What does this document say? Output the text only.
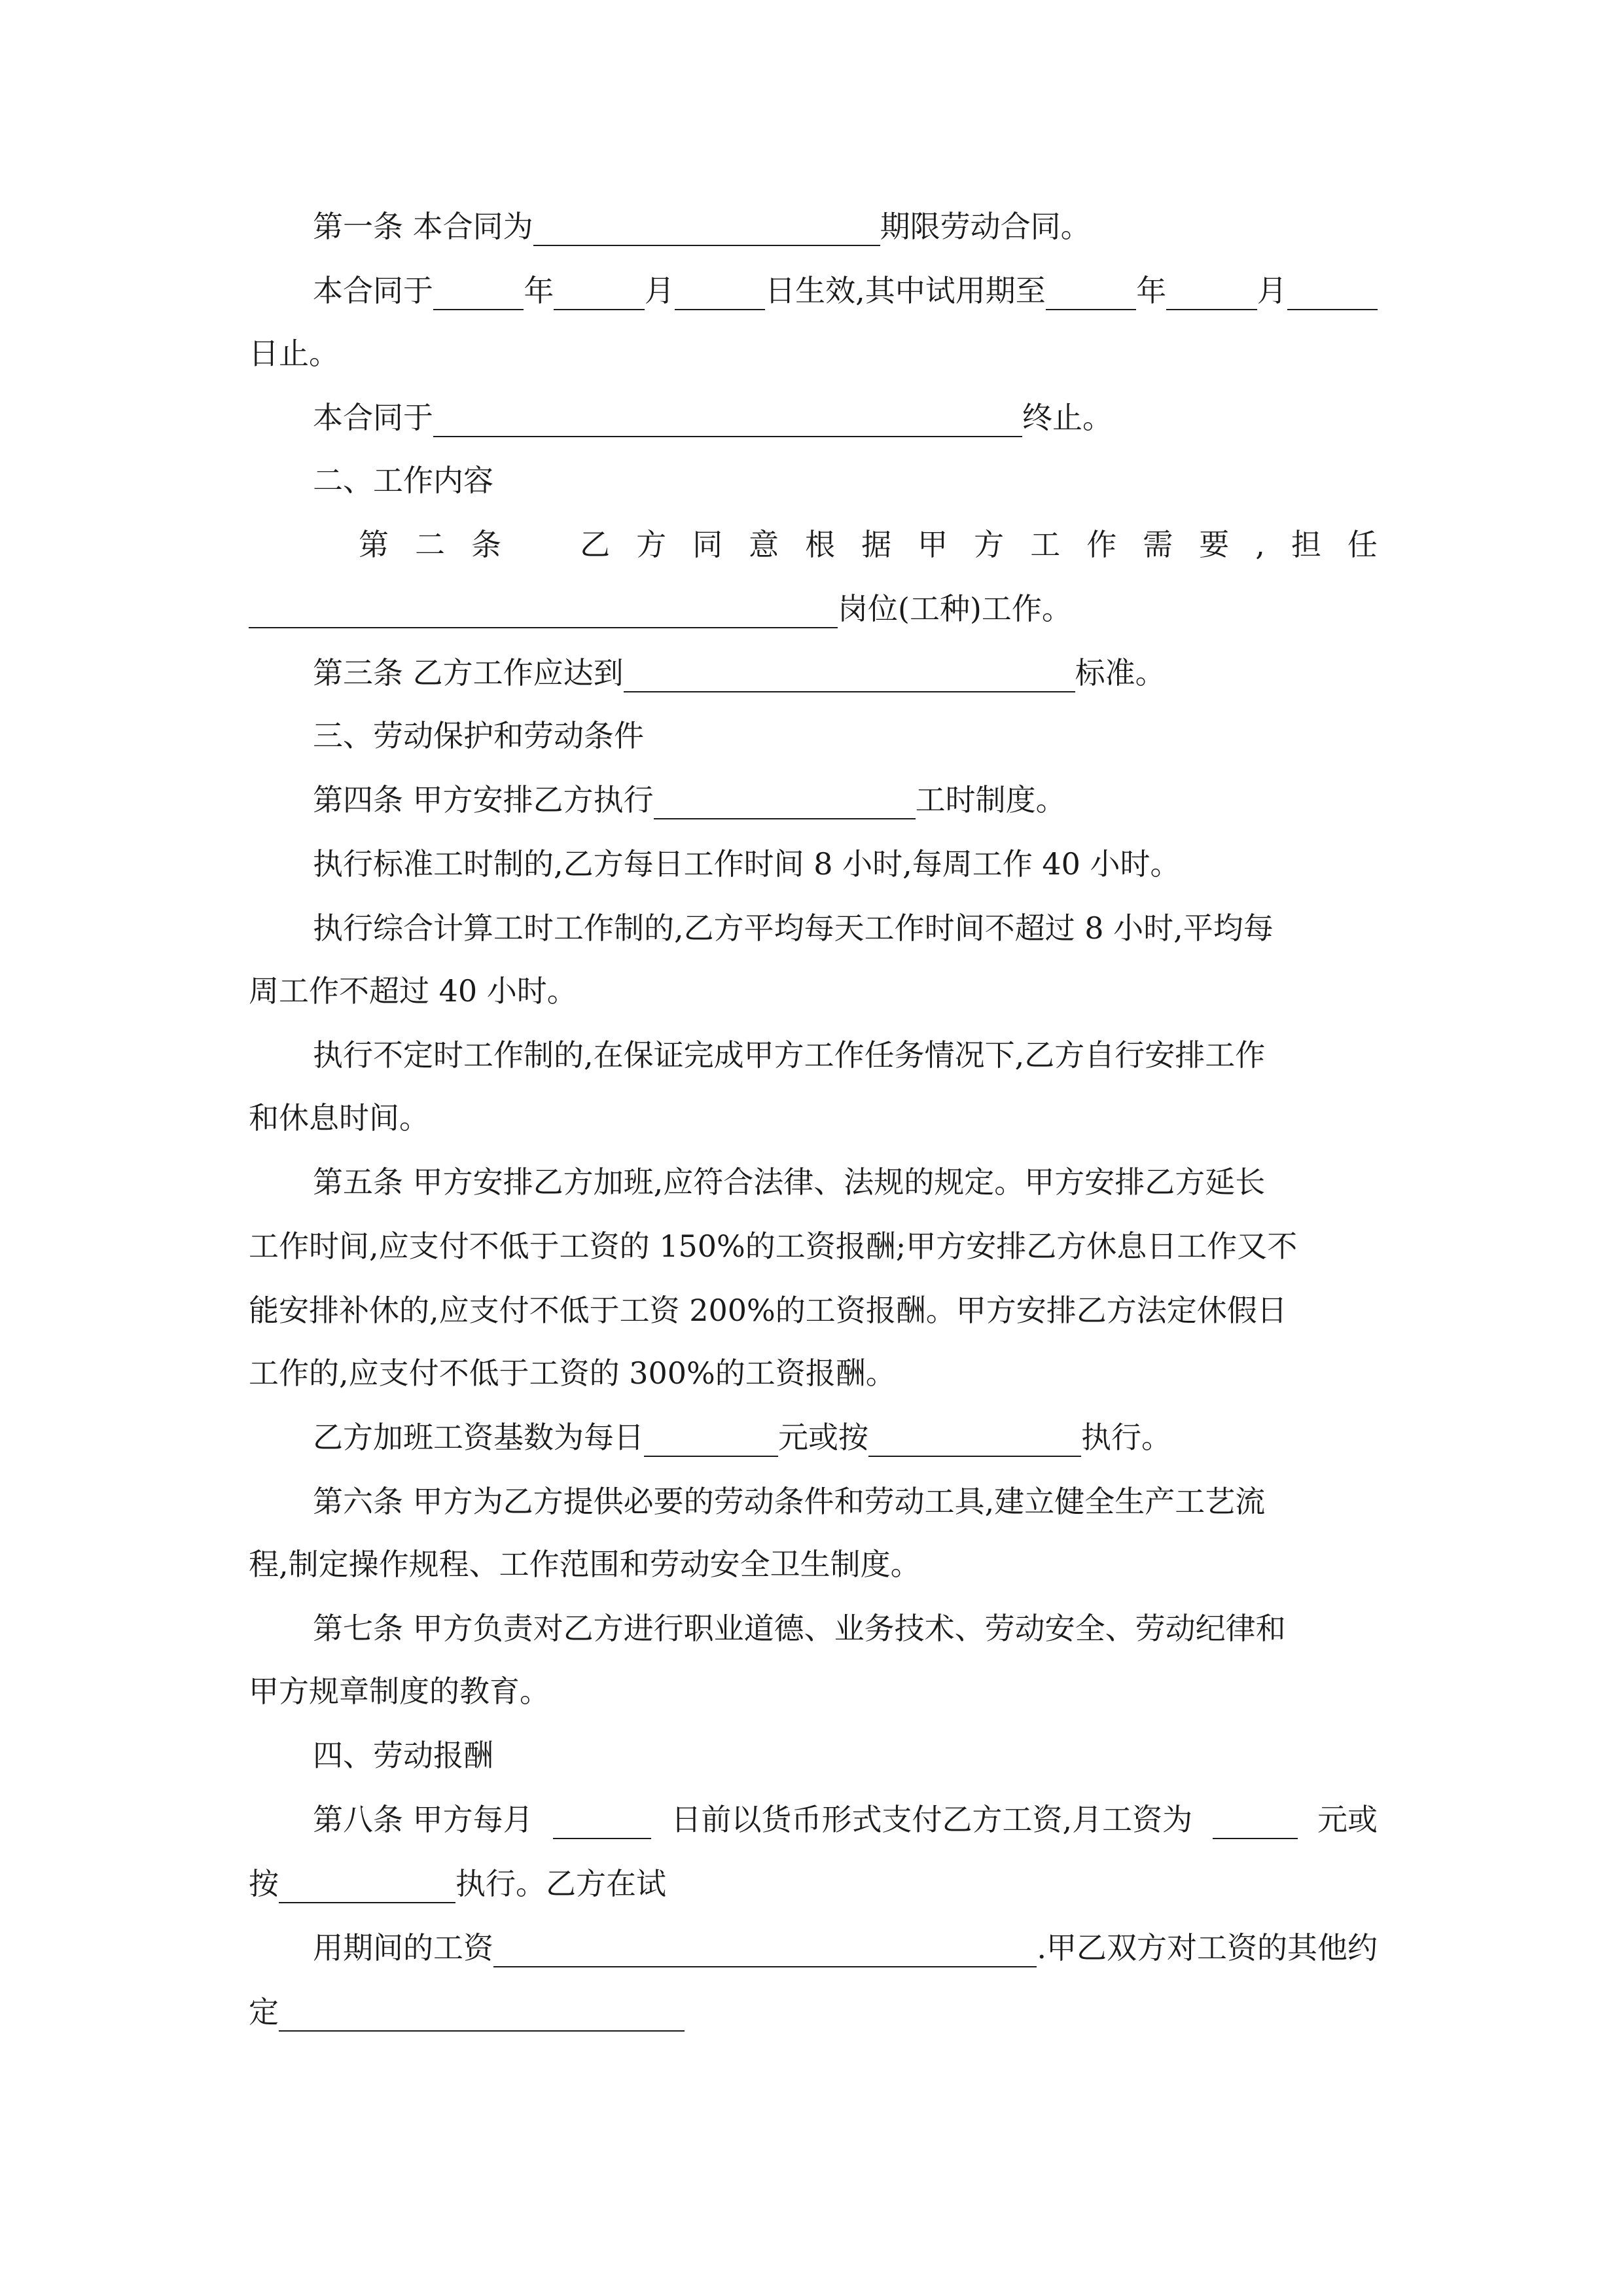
第一条 本合同为	期限劳动合同。
本合同于	年	月	日生效,其中试用期至	年	月
日止。
本合同于	终止。
二、工作内容
第 二 条	乙 方 同 意 根 据 甲 方 工 作 需 要 , 担 任
岗位(工种)工作。
第三条 乙方工作应达到	标准。
三、劳动保护和劳动条件
第四条 甲方安排乙方执行	工时制度。
执行标准工时制的,乙方每日工作时间 8 小时,每周工作 40 小时。
执行综合计算工时工作制的,乙方平均每天工作时间不超过 8 小时,平均每
周工作不超过 40 小时。
执行不定时工作制的,在保证完成甲方工作任务情况下,乙方自行安排工作
和休息时间。
第五条 甲方安排乙方加班,应符合法律、法规的规定。甲方安排乙方延长
工作时间,应支付不低于工资的 150%的工资报酬;甲方安排乙方休息日工作又不
能安排补休的,应支付不低于工资 200%的工资报酬。甲方安排乙方法定休假日
工作的,应支付不低于工资的 300%的工资报酬。
乙方加班工资基数为每日	元或按	执行。
第六条 甲方为乙方提供必要的劳动条件和劳动工具,建立健全生产工艺流
程,制定操作规程、工作范围和劳动安全卫生制度。
第七条 甲方负责对乙方进行职业道德、业务技术、劳动安全、劳动纪律和
甲方规章制度的教育。
四、劳动报酬
第八条 甲方每月	日前以货币形式支付乙方工资,月工资为	元或
按	执行。乙方在试
用期间的工资	.甲乙双方对工资的其他约
定
